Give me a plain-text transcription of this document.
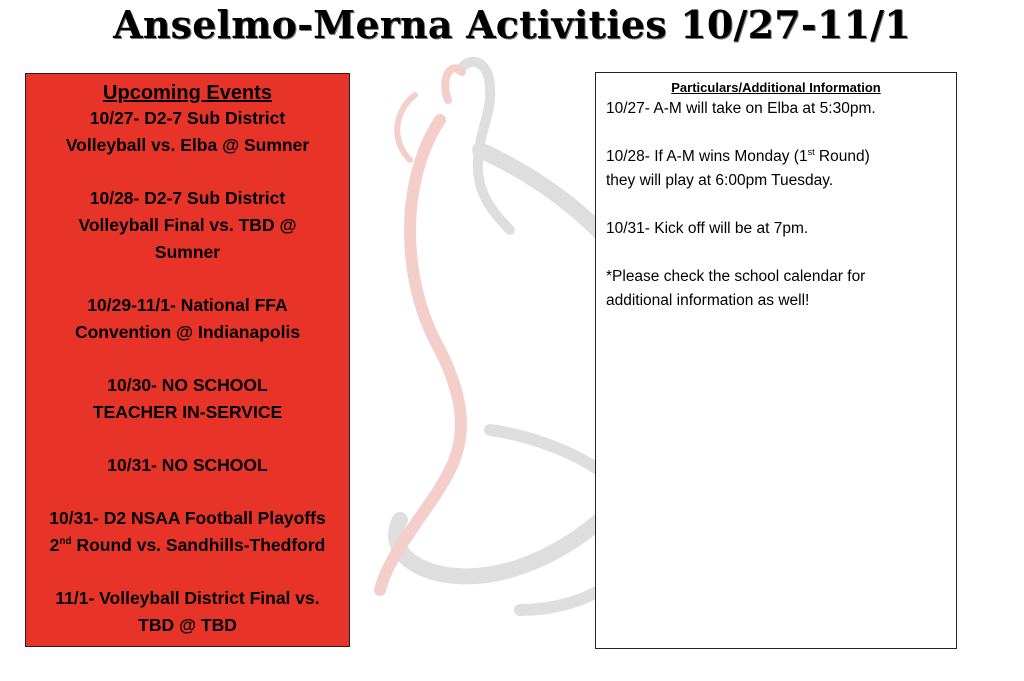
Anselmo-Merna Activities 10/27-11/1
Upcoming Events
10/27- D2-7 Sub District
Volleyball vs. Elba @ Sumner
10/28- D2-7 Sub District
Volleyball Final vs. TBD @
Sumner
10/29-11/1- National FFA
Convention @ Indianapolis
10/30- NO SCHOOL
TEACHER IN-SERVICE
10/31- NO SCHOOL
10/31- D2 NSAA Football Playoffs
2nd Round vs. Sandhills-Thedford
11/1- Volleyball District Final vs.
TBD @ TBD
Particulars/Additional Information
10/27- A-M will take on Elba at 5:30pm.
10/28- If A-M wins Monday (1st Round)
they will play at 6:00pm Tuesday.
10/31- Kick off will be at 7pm.
*Please check the school calendar for
additional information as well!
